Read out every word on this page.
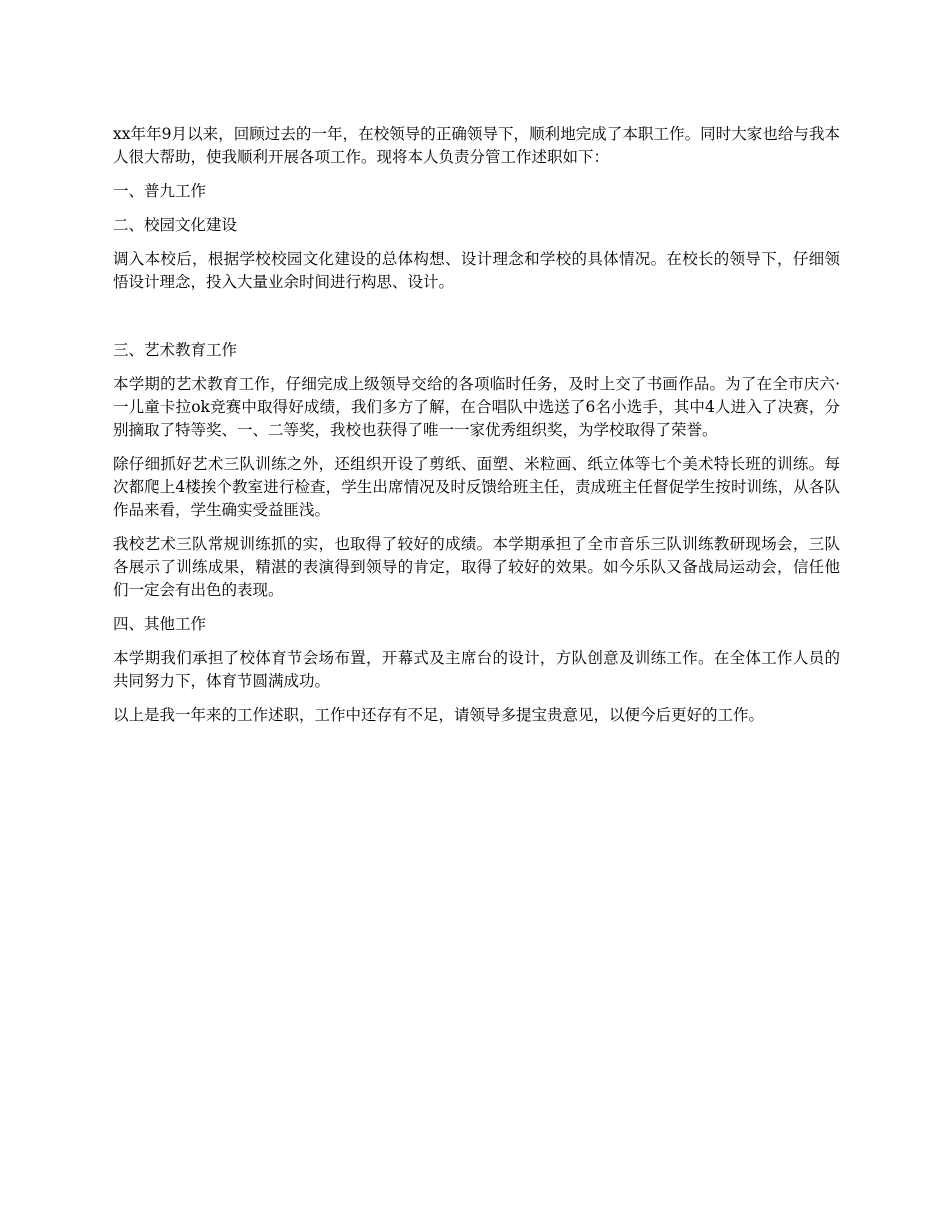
xx年年9月以来，回顾过去的一年，在校领导的正确领导下，顺利地完成了本职工作。同时大家也给与我本人很大帮助，使我顺利开展各项工作。现将本人负责分管工作述职如下：

一、普九工作

二、校园文化建设

调入本校后，根据学校校园文化建设的总体构想、设计理念和学校的具体情况。在校长的领导下，仔细领悟设计理念，投入大量业余时间进行构思、设计。

三、艺术教育工作

本学期的艺术教育工作，仔细完成上级领导交给的各项临时任务，及时上交了书画作品。为了在全市庆六·一儿童卡拉ok竞赛中取得好成绩，我们多方了解，在合唱队中选送了6名小选手，其中4人进入了决赛，分别摘取了特等奖、一、二等奖，我校也获得了唯一一家优秀组织奖，为学校取得了荣誉。

除仔细抓好艺术三队训练之外，还组织开设了剪纸、面塑、米粒画、纸立体等七个美术特长班的训练。每次都爬上4楼挨个教室进行检查，学生出席情况及时反馈给班主任，责成班主任督促学生按时训练，从各队作品来看，学生确实受益匪浅。

我校艺术三队常规训练抓的实，也取得了较好的成绩。本学期承担了全市音乐三队训练教研现场会，三队各展示了训练成果，精湛的表演得到领导的肯定，取得了较好的效果。如今乐队又备战局运动会，信任他们一定会有出色的表现。

四、其他工作

本学期我们承担了校体育节会场布置，开幕式及主席台的设计，方队创意及训练工作。在全体工作人员的共同努力下，体育节圆满成功。

以上是我一年来的工作述职，工作中还存有不足，请领导多提宝贵意见，以便今后更好的工作。
